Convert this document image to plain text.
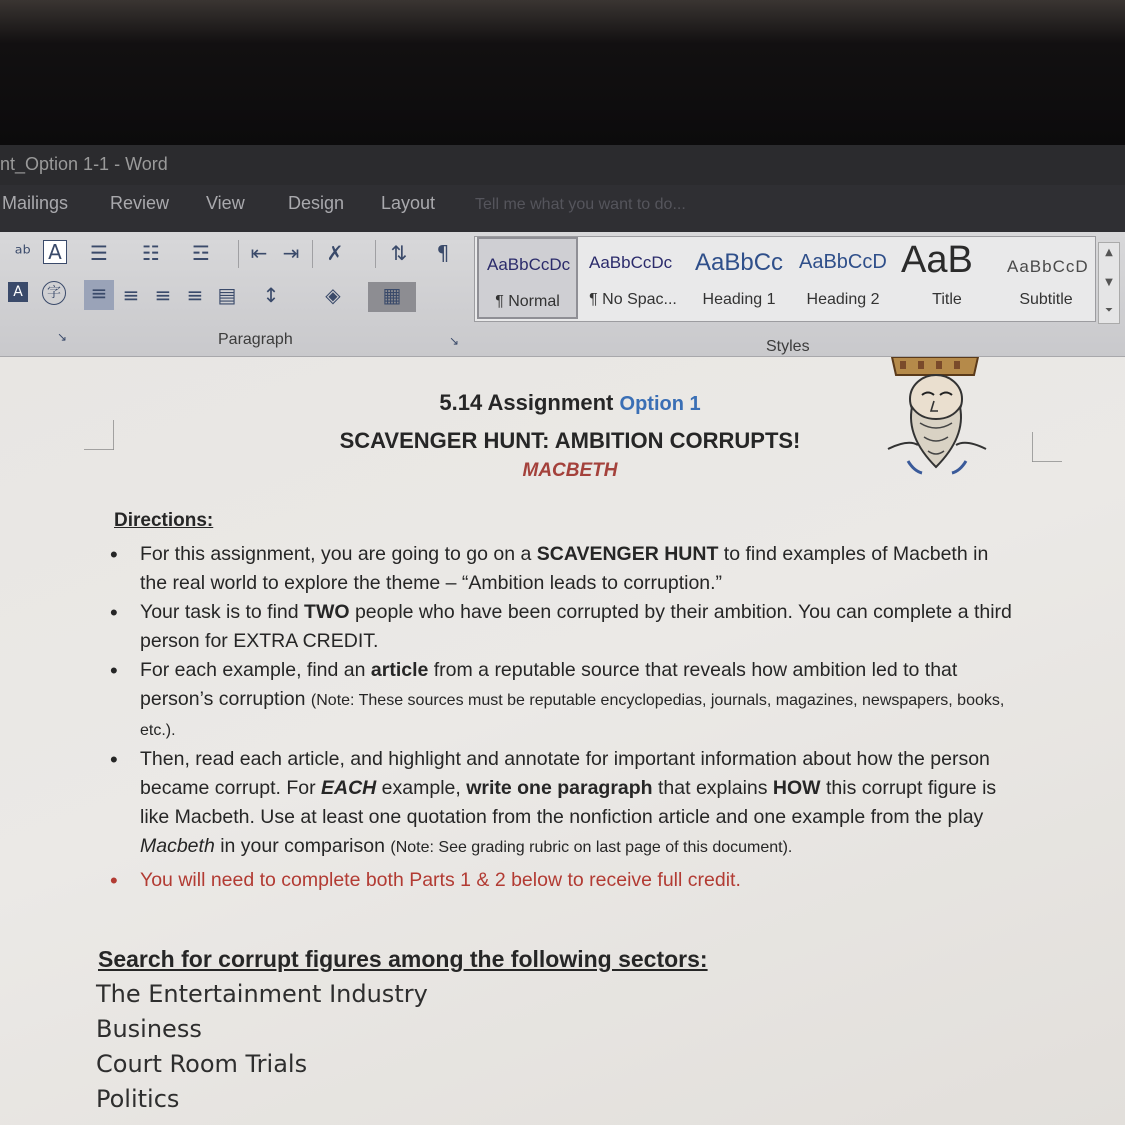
nt_Option 1-1 - Word
Mailings Review View Design Layout Tell me what you want to do...
ᵃᵇ A ☰ ☷ ☲ ⇤ ⇥ ✗ ⇅	¶
A	字	≡ ≡ ≡ ≡ ▤ ↕ ◈	▦
Paragraph
↘	↘
AaBbCcDc
¶ Normal
AaBbCcDc
¶ No Spac...
AaBbCc
Heading 1
AaBbCcD
Heading 2
AaB
Title
AaBbCcD
Subtitle
▲
▼
⏷
Styles
5.14 Assignment Option 1
SCAVENGER HUNT: AMBITION CORRUPTS!
MACBETH
Directions:
• For this assignment, you are going to go on a SCAVENGER HUNT to find examples of Macbeth in the real world to explore the theme – “Ambition leads to corruption.”
• Your task is to find TWO people who have been corrupted by their ambition. You can complete a third person for EXTRA CREDIT.
• For each example, find an article from a reputable source that reveals how ambition led to that person’s corruption (Note: These sources must be reputable encyclopedias, journals, magazines, newspapers, books, etc.).
• Then, read each article, and highlight and annotate for important information about how the person became corrupt. For EACH example, write one paragraph that explains HOW this corrupt figure is like Macbeth. Use at least one quotation from the nonfiction article and one example from the play Macbeth in your comparison (Note: See grading rubric on last page of this document).
• You will need to complete both Parts 1 & 2 below to receive full credit.
Search for corrupt figures among the following sectors:
The Entertainment Industry
Business
Court Room Trials
Politics
